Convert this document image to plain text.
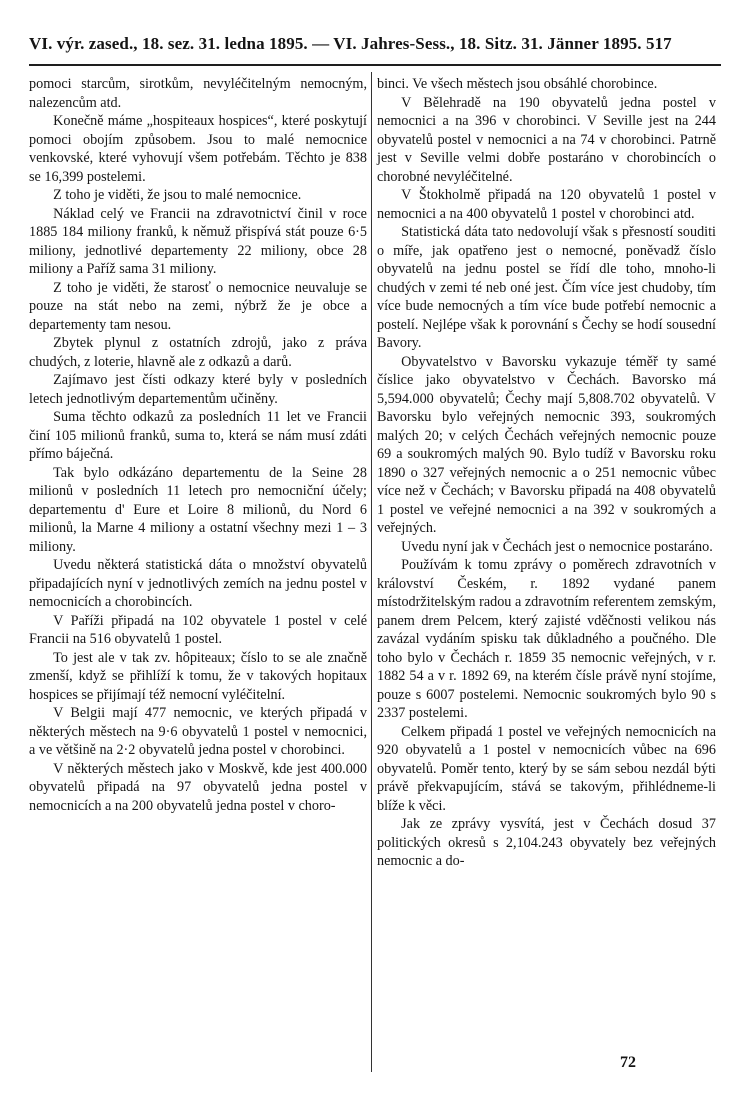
VI. výr. zased., 18. sez. 31. ledna 1895. — VI. Jahres-Sess., 18. Sitz. 31. Jänner 1895. 517

pomoci starcům, sirotkům, nevyléčitelným nemocným, nalezencům atd.

Konečně máme „hospiteaux hospices“, které poskytují pomoci obojím způsobem. Jsou to malé nemocnice venkovské, které vyhovují všem potřebám. Těchto je 838 se 16,399 postelemi.

Z toho je viděti, že jsou to malé nemocnice.

Náklad celý ve Francii na zdravotnictví činil v roce 1885 184 miliony franků, k němuž přispívá stát pouze 6·5 miliony, jednotlivé departementy 22 miliony, obce 28 miliony a Paříž sama 31 miliony.

Z toho je viděti, že starosť o nemocnice neuvaluje se pouze na stát nebo na zemi, nýbrž že je obce a departementy tam nesou.

Zbytek plynul z ostatních zdrojů, jako z práva chudých, z loterie, hlavně ale z odkazů a darů.

Zajímavo jest čísti odkazy které byly v posledních letech jednotlivým departementům učiněny.

Suma těchto odkazů za posledních 11 let ve Francii činí 105 milionů franků, suma to, která se nám musí zdáti přímo báječná.

Tak bylo odkázáno departementu de la Seine 28 milionů v posledních 11 letech pro nemocniční účely; departementu d' Eure et Loire 8 milionů, du Nord 6 milionů, la Marne 4 miliony a ostatní všechny mezi 1 – 3 miliony.

Uvedu některá statistická dáta o množství obyvatelů připadajících nyní v jednotlivých zemích na jednu postel v nemocnicích a chorobincích.

V Paříži připadá na 102 obyvatele 1 postel v celé Francii na 516 obyvatelů 1 postel.

To jest ale v tak zv. hôpiteaux; číslo to se ale značně zmenší, když se přihlíží k tomu, že v takových hopitaux hospices se přijímají též nemocní vyléčitelní.

V Belgii mají 477 nemocnic, ve kterých připadá v některých městech na 9·6 obyvatelů 1 postel v nemocnici, a ve většině na 2·2 obyvatelů jedna postel v chorobinci.

V některých městech jako v Moskvě, kde jest 400.000 obyvatelů připadá na 97 obyvatelů jedna postel v nemocnicích a na 200 obyvatelů jedna postel v choro-

binci. Ve všech městech jsou obsáhlé chorobince.

V Bělehradě na 190 obyvatelů jedna postel v nemocnici a na 396 v chorobinci. V Seville jest na 244 obyvatelů postel v nemocnici a na 74 v chorobinci. Patrně jest v Seville velmi dobře postaráno v chorobincích o chorobné nevyléčitelné.

V Štokholmě připadá na 120 obyvatelů 1 postel v nemocnici a na 400 obyvatelů 1 postel v chorobinci atd.

Statistická dáta tato nedovolují však s přesností souditi o míře, jak opatřeno jest o nemocné, poněvadž číslo obyvatelů na jednu postel se řídí dle toho, mnoho-li chudých v zemi té neb oné jest. Čím více jest chudoby, tím více bude nemocných a tím více bude potřebí nemocnic a postelí. Nejlépe však k porovnání s Čechy se hodí sousední Bavory.

Obyvatelstvo v Bavorsku vykazuje téměř ty samé číslice jako obyvatelstvo v Čechách. Bavorsko má 5,594.000 obyvatelů; Čechy mají 5,808.702 obyvatelů. V Bavorsku bylo veřejných nemocnic 393, soukromých malých 20; v celých Čechách veřejných nemocnic pouze 69 a soukromých malých 90. Bylo tudíž v Bavorsku roku 1890 o 327 veřejných nemocnic a o 251 nemocnic vůbec více než v Čechách; v Bavorsku připadá na 408 obyvatelů 1 postel ve veřejné nemocnici a na 392 v soukromých a veřejných.

Uvedu nyní jak v Čechách jest o nemocnice postaráno.

Používám k tomu zprávy o poměrech zdravotních v království Českém, r. 1892 vydané panem místodržitelským radou a zdravotním referentem zemským, panem drem Pelcem, který zajisté vděčnosti velikou nás zavázal vydáním spisku tak důkladného a poučného. Dle toho bylo v Čechách r. 1859 35 nemocnic veřejných, v r. 1882 54 a v r. 1892 69, na kterém čísle právě nyní stojíme, pouze s 6007 postelemi. Nemocnic soukromých bylo 90 s 2337 postelemi.

Celkem připadá 1 postel ve veřejných nemocnicích na 920 obyvatelů a 1 postel v nemocnicích vůbec na 696 obyvatelů. Poměr tento, který by se sám sebou nezdál býti právě překvapujícím, stává se takovým, přihlédneme-li blíže k věci.

Jak ze zprávy vysvítá, jest v Čechách dosud 37 politických okresů s 2,104.243 obyvately bez veřejných nemocnic a do-

72
